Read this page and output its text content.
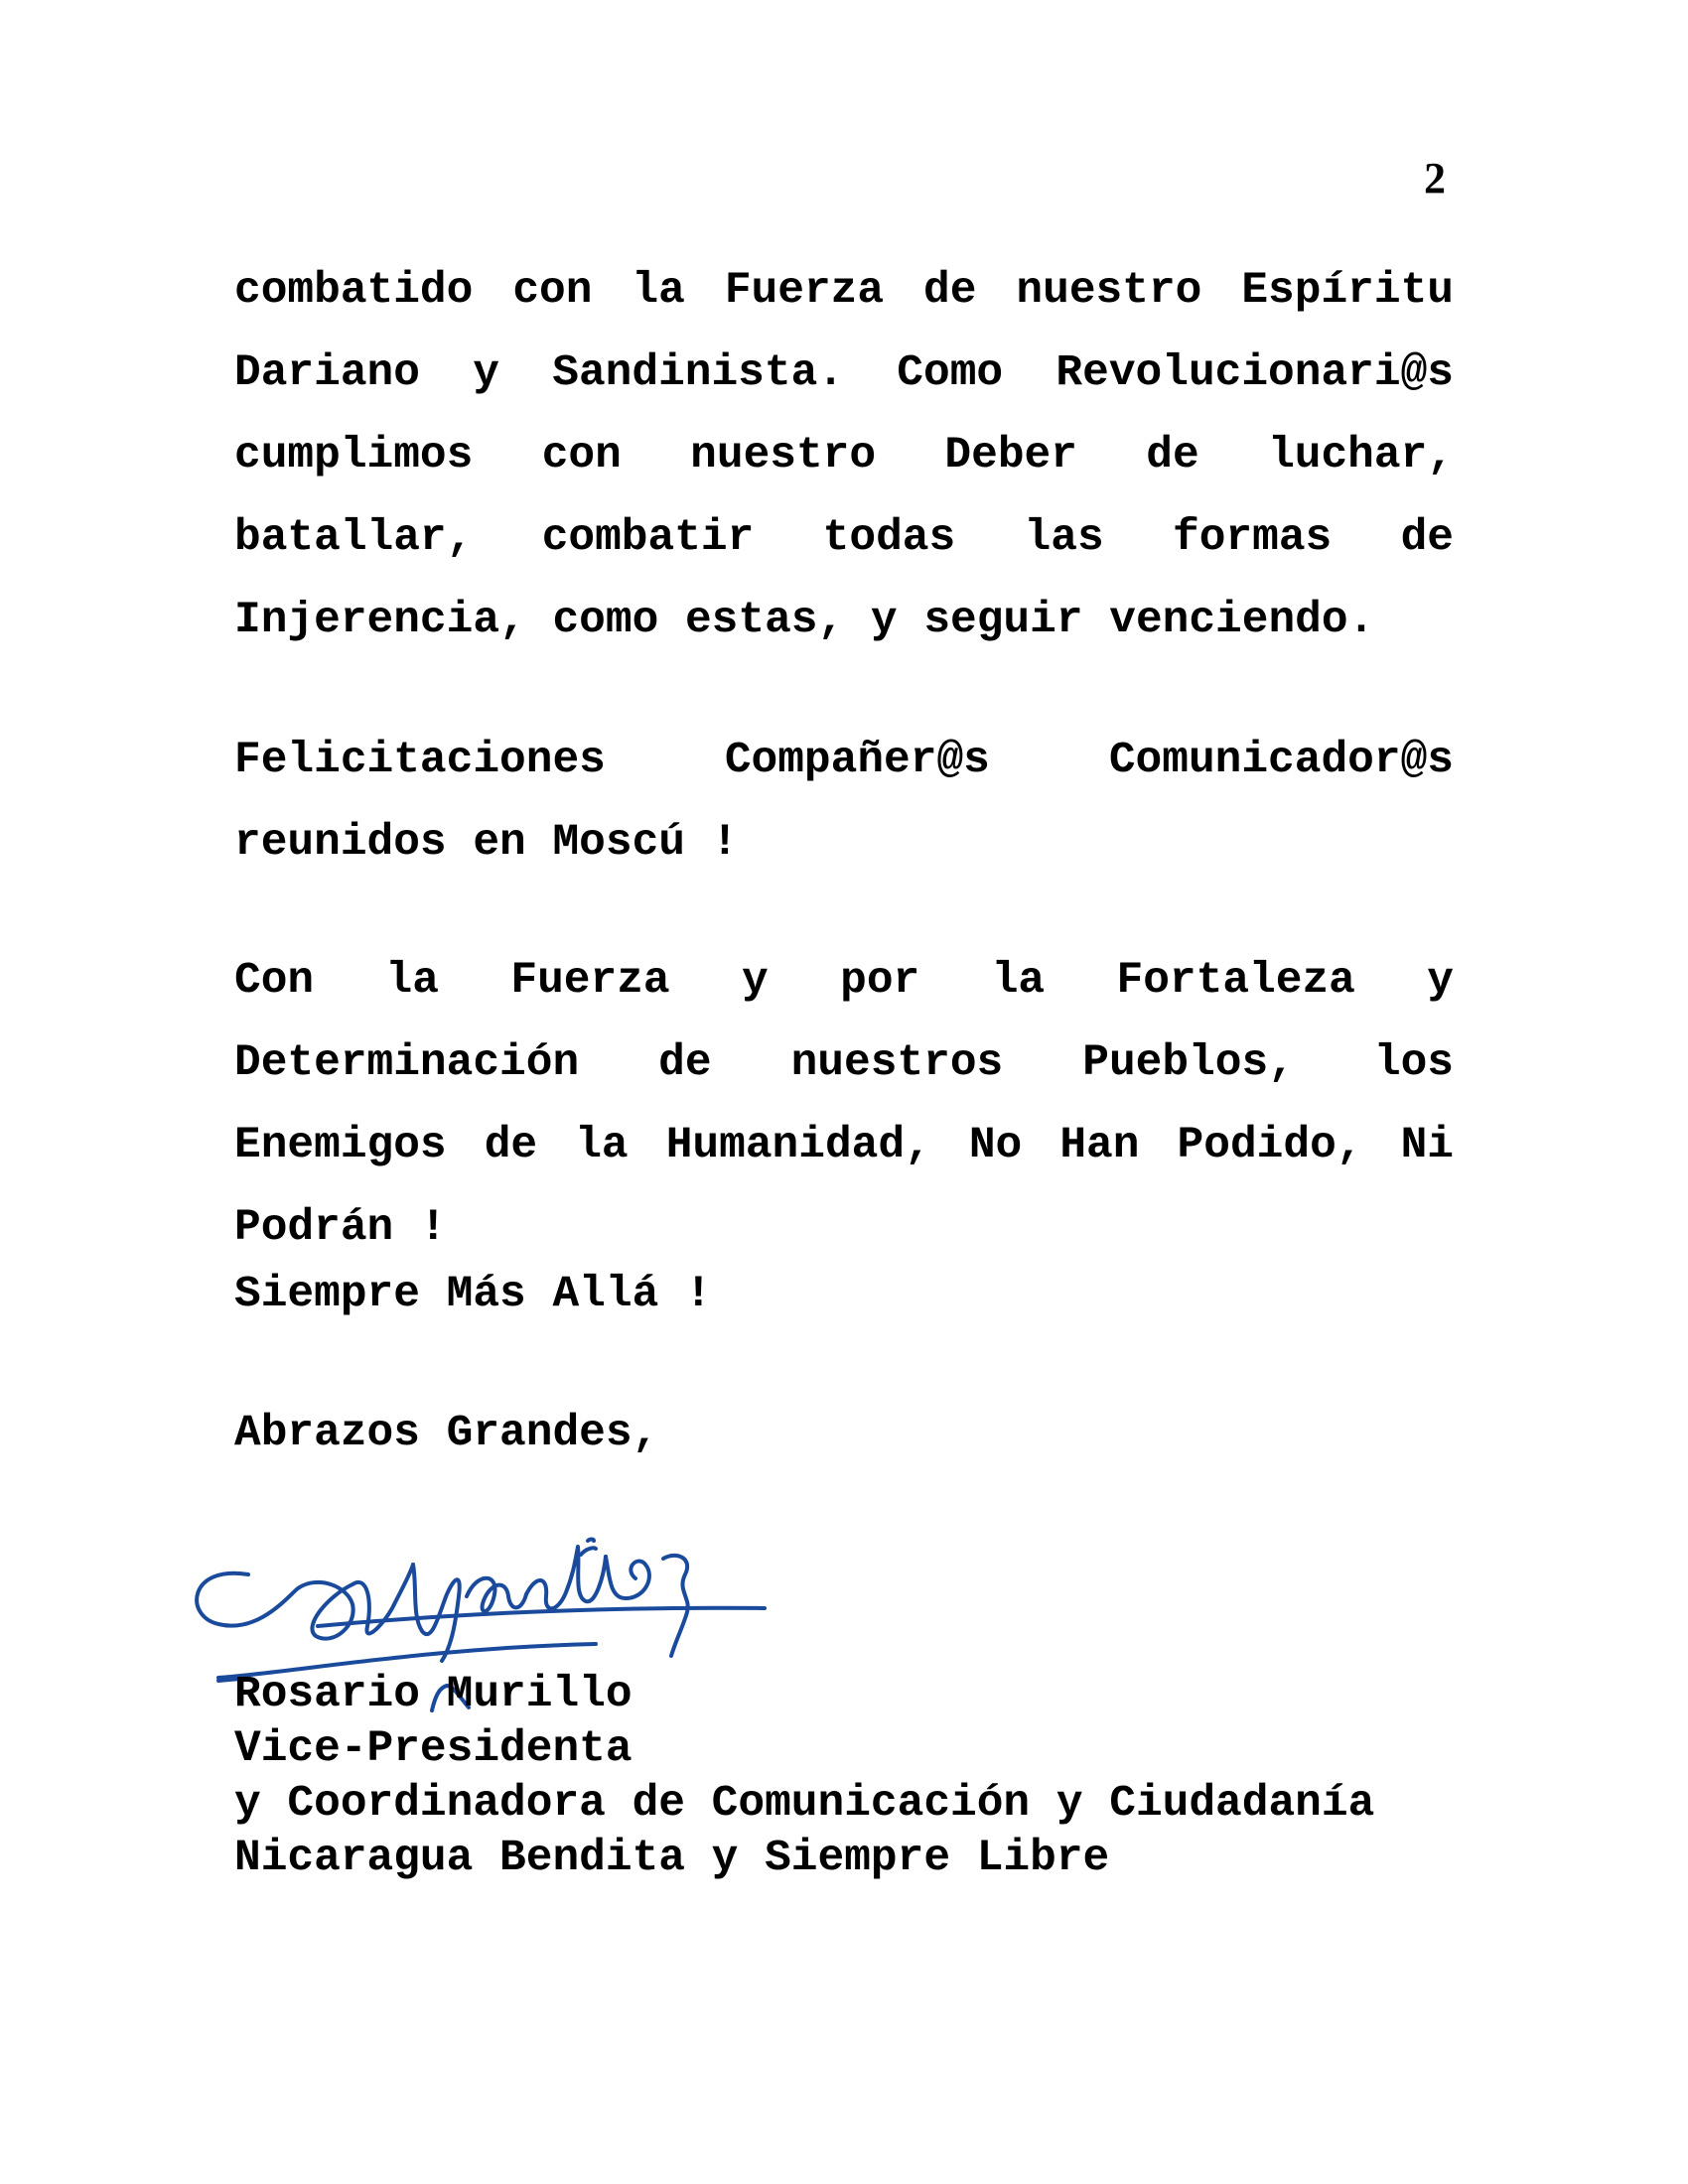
2

combatido con la Fuerza de nuestro Espíritu Dariano y Sandinista. Como Revolucionari@s cumplimos con nuestro Deber de luchar, batallar, combatir todas las formas de Injerencia, como estas, y seguir venciendo.

Felicitaciones Compañer@s Comunicador@s reunidos en Moscú !

Con la Fuerza y por la Fortaleza y Determinación de nuestros Pueblos, los Enemigos de la Humanidad, No Han Podido, Ni Podrán !

Siempre Más Allá !
Abrazos Grandes,
Rosario Murillo
Vice-Presidenta
y Coordinadora de Comunicación y Ciudadanía
Nicaragua Bendita y Siempre Libre
